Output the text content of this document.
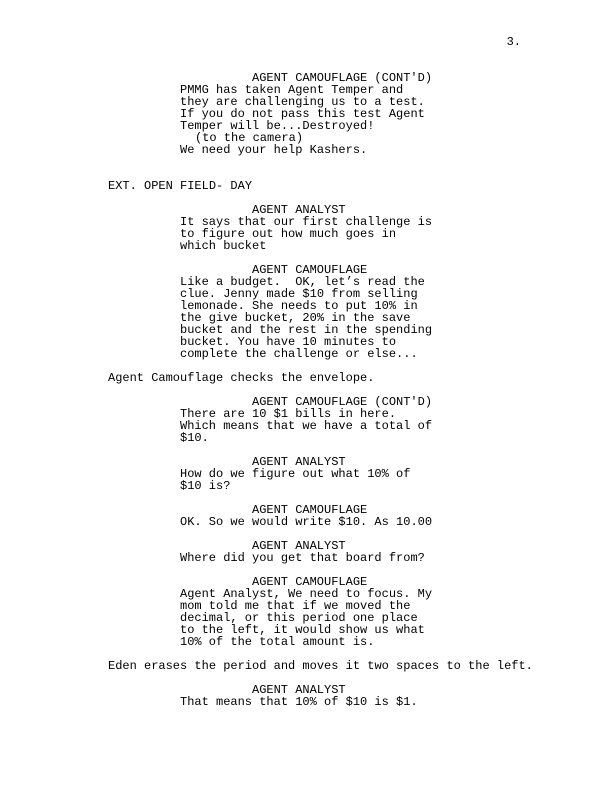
3.
AGENT CAMOUFLAGE (CONT'D)
PMMG has taken Agent Temper and
they are challenging us to a test.
If you do not pass this test Agent
Temper will be...Destroyed!
(to the camera)
We need your help Kashers.
EXT. OPEN FIELD- DAY
AGENT ANALYST
It says that our first challenge is
to figure out how much goes in
which bucket
AGENT CAMOUFLAGE
Like a budget.  OK, let’s read the
clue. Jenny made $10 from selling
lemonade. She needs to put 10% in
the give bucket, 20% in the save
bucket and the rest in the spending
bucket. You have 10 minutes to
complete the challenge or else...
Agent Camouflage checks the envelope.
AGENT CAMOUFLAGE (CONT'D)
There are 10 $1 bills in here.
Which means that we have a total of
$10.
AGENT ANALYST
How do we figure out what 10% of
$10 is?
AGENT CAMOUFLAGE
OK. So we would write $10. As 10.00
AGENT ANALYST
Where did you get that board from?
AGENT CAMOUFLAGE
Agent Analyst, We need to focus. My
mom told me that if we moved the
decimal, or this period one place
to the left, it would show us what
10% of the total amount is.
Eden erases the period and moves it two spaces to the left.
AGENT ANALYST
That means that 10% of $10 is $1.
